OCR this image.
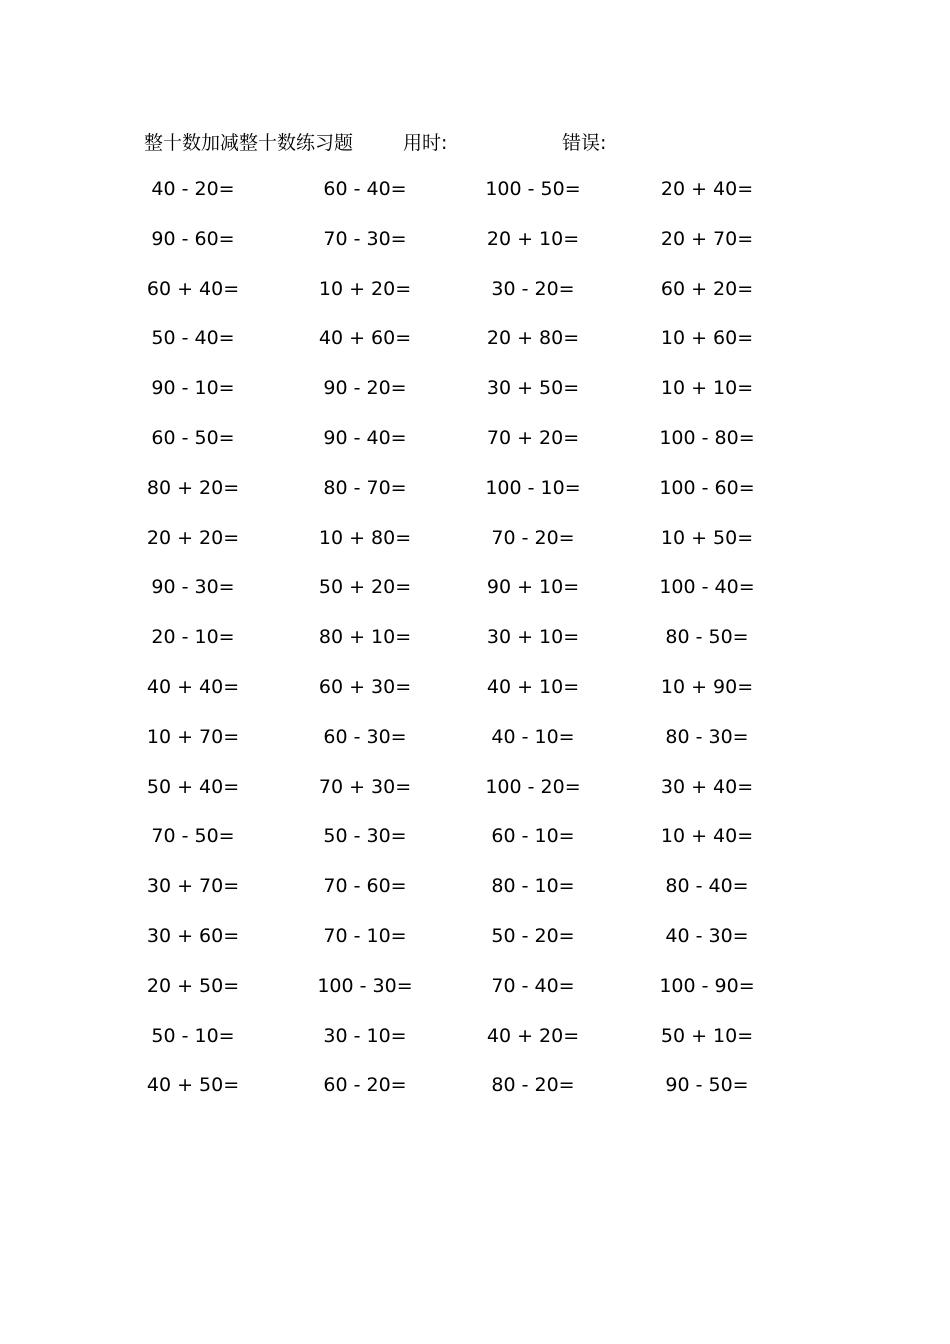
整十数加减整十数练习题	用时:	错误:
40 - 20=	60 - 40=	100 - 50=	20 + 40=
90 - 60=	70 - 30=	20 + 10=	20 + 70=
60 + 40=	10 + 20=	30 - 20=	60 + 20=
50 - 40=	40 + 60=	20 + 80=	10 + 60=
90 - 10=	90 - 20=	30 + 50=	10 + 10=
60 - 50=	90 - 40=	70 + 20=	100 - 80=
80 + 20=	80 - 70=	100 - 10=	100 - 60=
20 + 20=	10 + 80=	70 - 20=	10 + 50=
90 - 30=	50 + 20=	90 + 10=	100 - 40=
20 - 10=	80 + 10=	30 + 10=	80 - 50=
40 + 40=	60 + 30=	40 + 10=	10 + 90=
10 + 70=	60 - 30=	40 - 10=	80 - 30=
50 + 40=	70 + 30=	100 - 20=	30 + 40=
70 - 50=	50 - 30=	60 - 10=	10 + 40=
30 + 70=	70 - 60=	80 - 10=	80 - 40=
30 + 60=	70 - 10=	50 - 20=	40 - 30=
20 + 50=	100 - 30=	70 - 40=	100 - 90=
50 - 10=	30 - 10=	40 + 20=	50 + 10=
40 + 50=	60 - 20=	80 - 20=	90 - 50=
